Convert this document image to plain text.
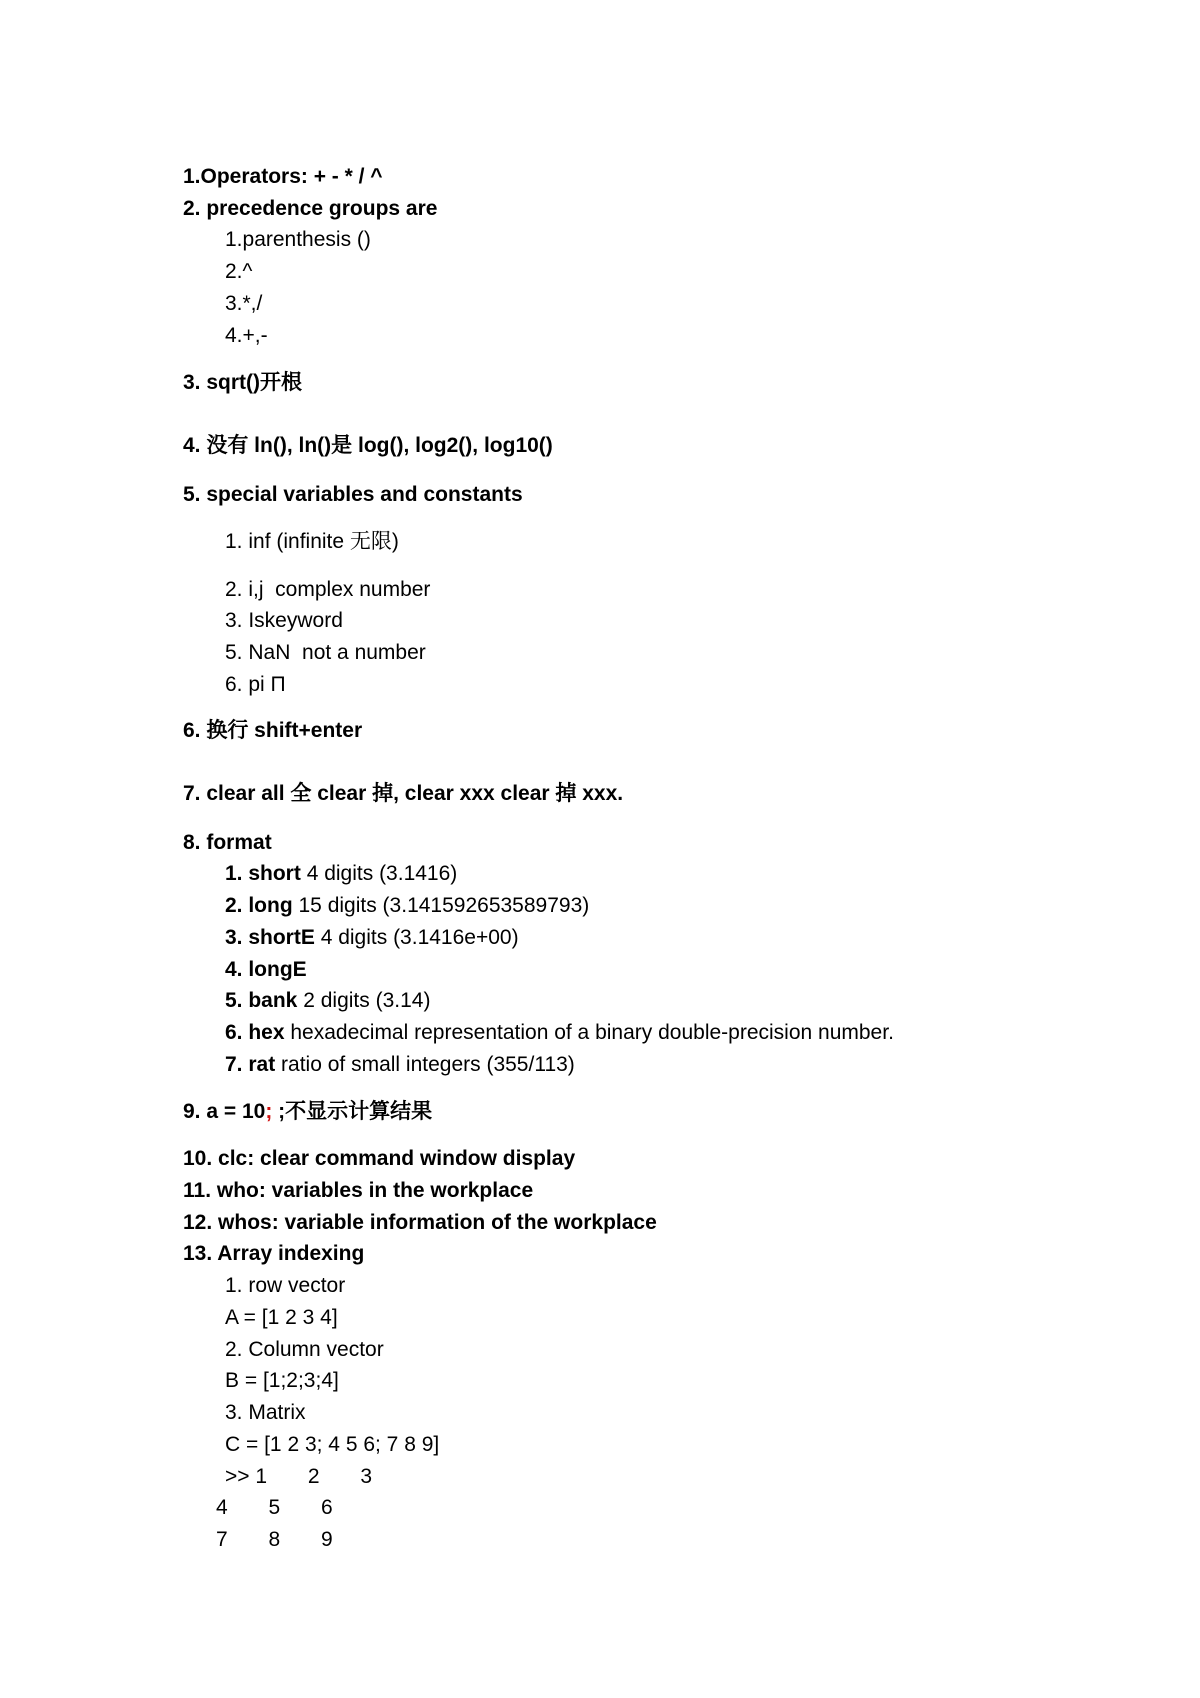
1.Operators: + - * / ^
2. precedence groups are
1.parenthesis ()
2.^
3.*,/
4.+,-
3. sqrt()开根
4. 没有 ln(), ln()是 log(), log2(), log10()
5. special variables and constants
1. inf (infinite 无限)
2. i,j  complex number
3. Iskeyword
5. NaN  not a number
6. pi Π
6. 换行 shift+enter
7. clear all 全 clear 掉, clear xxx clear 掉 xxx.
8. format
1. short 4 digits (3.1416)
2. long 15 digits (3.141592653589793)
3. shortE 4 digits (3.1416e+00)
4. longE
5. bank 2 digits (3.14)
6. hex hexadecimal representation of a binary double-precision number.
7. rat ratio of small integers (355/113)
9. a = 10; ;不显示计算结果
10. clc: clear command window display
11. who: variables in the workplace
12. whos: variable information of the workplace
13. Array indexing
1. row vector
A = [1 2 3 4]
2. Column vector
B = [1;2;3;4]
3. Matrix
C = [1 2 3; 4 5 6; 7 8 9]
>> 1       2       3
4       5       6
7       8       9
